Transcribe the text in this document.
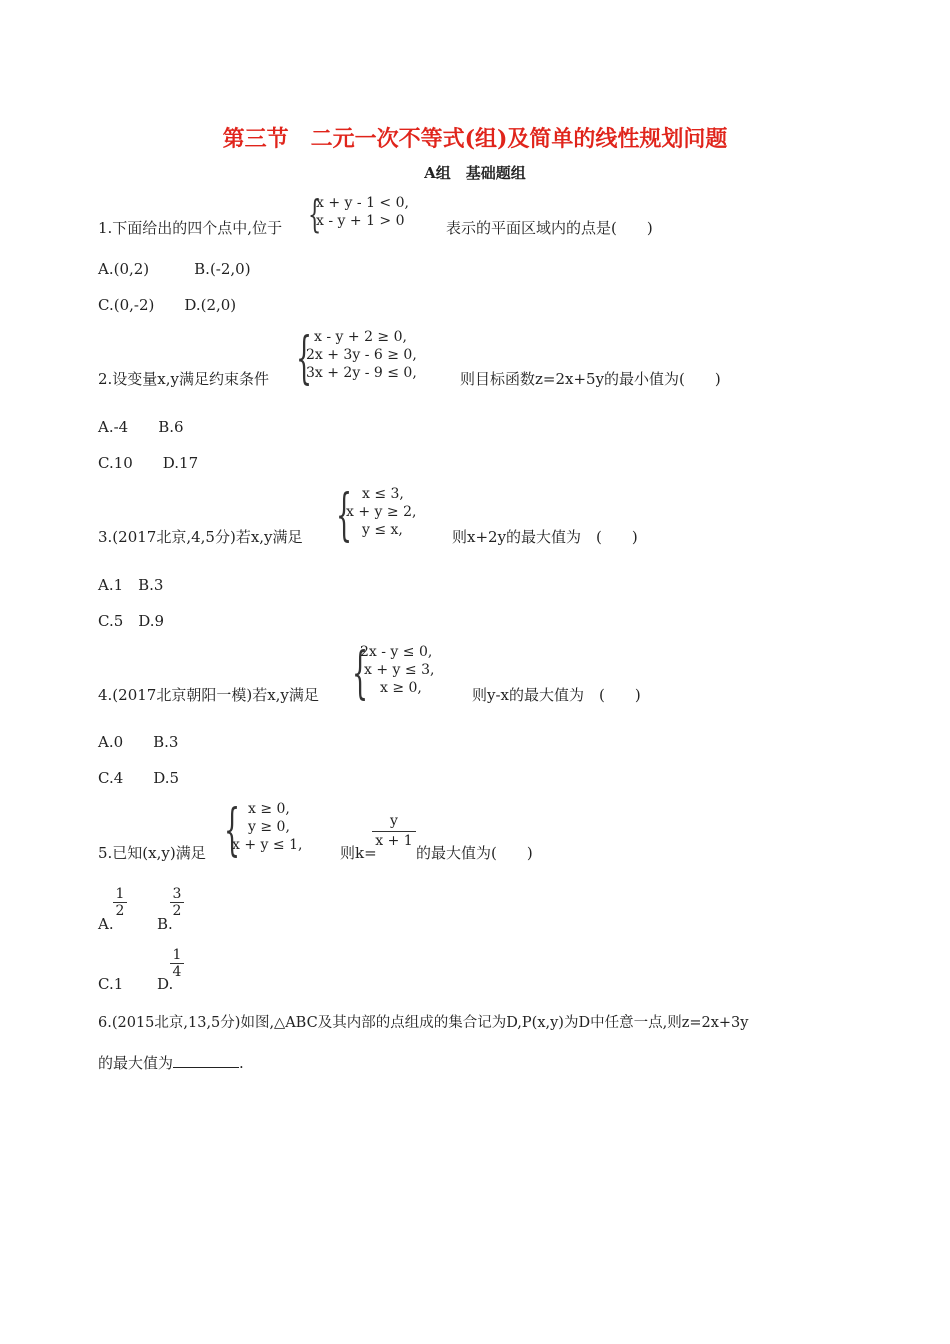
第三节　二元一次不等式(组)及简单的线性规划问题
A组　基础题组
1.下面给出的四个点中,位于 {
x + y - 1 < 0,
x - y + 1 > 0	表示的平面区域内的点是(　　)
A.(0,2)　　　B.(-2,0)
C.(0,-2)　　D.(2,0)
2.设变量x,y满足约束条件 { x - y + 2 ≥ 0,
2x + 3y - 6 ≥ 0,
3x + 2y - 9 ≤ 0,	则目标函数z=2x+5y的最小值为(　　)
A.-4　　B.6
C.10　　D.17
3.(2017北京,4,5分)若x,y满足 { x ≤ 3,
x + y ≥ 2,
y ≤ x,	则x+2y的最大值为　(　　)
A.1　B.3
C.5　D.9
4.(2017北京朝阳一模)若x,y满足 {
2x - y ≤ 0,
x + y ≤ 3,
x ≥ 0,	则y-x的最大值为　(　　)
A.0　　B.3
C.4　　D.5
5.已知(x,y)满足 { x ≥ 0,
y ≥ 0,
x + y ≤ 1,	则k=
$\frac{y}{x + 1}$
的最大值为(　　)
A.
$\frac{1}{2}$
B.
$\frac{3}{2}$
C.1 D.
$\frac{1}{4}$
6.(2015北京,13,5分)如图,△ABC及其内部的点组成的集合记为D,P(x,y)为D中任意一点,则z=2x+3y
的最大值为	.
